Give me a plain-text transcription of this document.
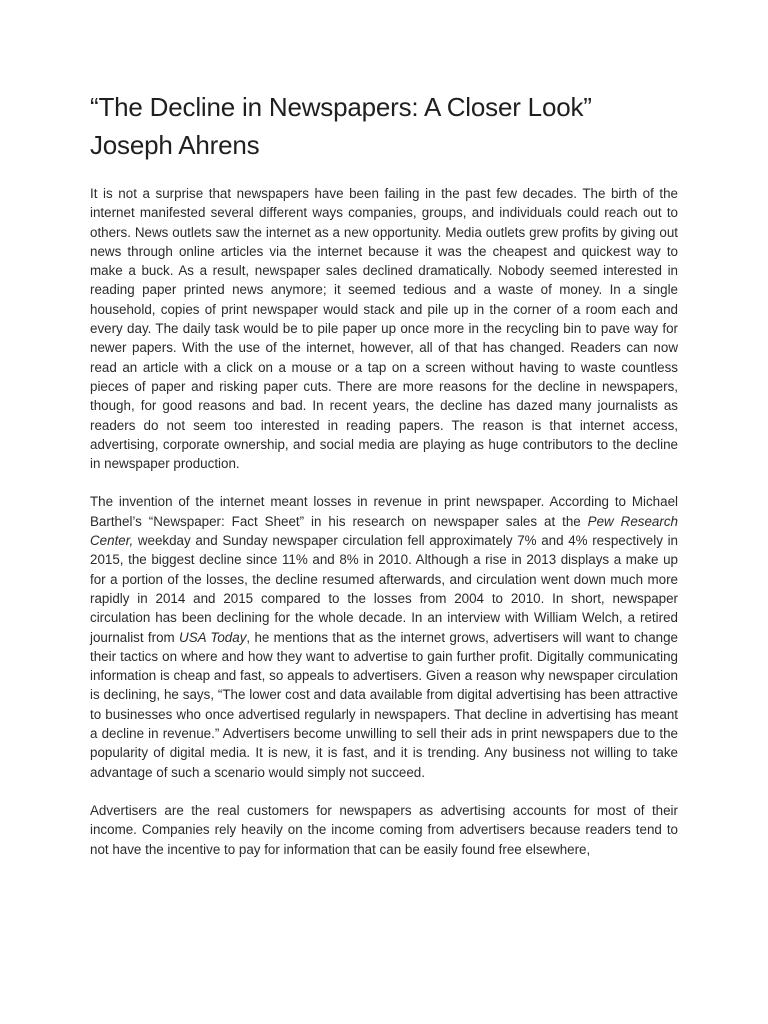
“The Decline in Newspapers: A Closer Look”
Joseph Ahrens

It is not a surprise that newspapers have been failing in the past few decades. The birth of the internet manifested several different ways companies, groups, and individuals could reach out to others. News outlets saw the internet as a new opportunity. Media outlets grew profits by giving out news through online articles via the internet because it was the cheapest and quickest way to make a buck. As a result, newspaper sales declined dramatically. Nobody seemed interested in reading paper printed news anymore; it seemed tedious and a waste of money. In a single household, copies of print newspaper would stack and pile up in the corner of a room each and every day. The daily task would be to pile paper up once more in the recycling bin to pave way for newer papers. With the use of the internet, however, all of that has changed. Readers can now read an article with a click on a mouse or a tap on a screen without having to waste countless pieces of paper and risking paper cuts. There are more reasons for the decline in newspapers, though, for good reasons and bad. In recent years, the decline has dazed many journalists as readers do not seem too interested in reading papers. The reason is that internet access, advertising, corporate ownership, and social media are playing as huge contributors to the decline in newspaper production.

The invention of the internet meant losses in revenue in print newspaper. According to Michael Barthel’s “Newspaper: Fact Sheet” in his research on newspaper sales at the Pew Research Center, weekday and Sunday newspaper circulation fell approximately 7% and 4% respectively in 2015, the biggest decline since 11% and 8% in 2010. Although a rise in 2013 displays a make up for a portion of the losses, the decline resumed afterwards, and circulation went down much more rapidly in 2014 and 2015 compared to the losses from 2004 to 2010. In short, newspaper circulation has been declining for the whole decade. In an interview with William Welch, a retired journalist from USA Today, he mentions that as the internet grows, advertisers will want to change their tactics on where and how they want to advertise to gain further profit. Digitally communicating information is cheap and fast, so appeals to advertisers. Given a reason why newspaper circulation is declining, he says, “The lower cost and data available from digital advertising has been attractive to businesses who once advertised regularly in newspapers. That decline in advertising has meant a decline in revenue.” Advertisers become unwilling to sell their ads in print newspapers due to the popularity of digital media. It is new, it is fast, and it is trending. Any business not willing to take advantage of such a scenario would simply not succeed.

Advertisers are the real customers for newspapers as advertising accounts for most of their income. Companies rely heavily on the income coming from advertisers because readers tend to not have the incentive to pay for information that can be easily found free elsewhere,
